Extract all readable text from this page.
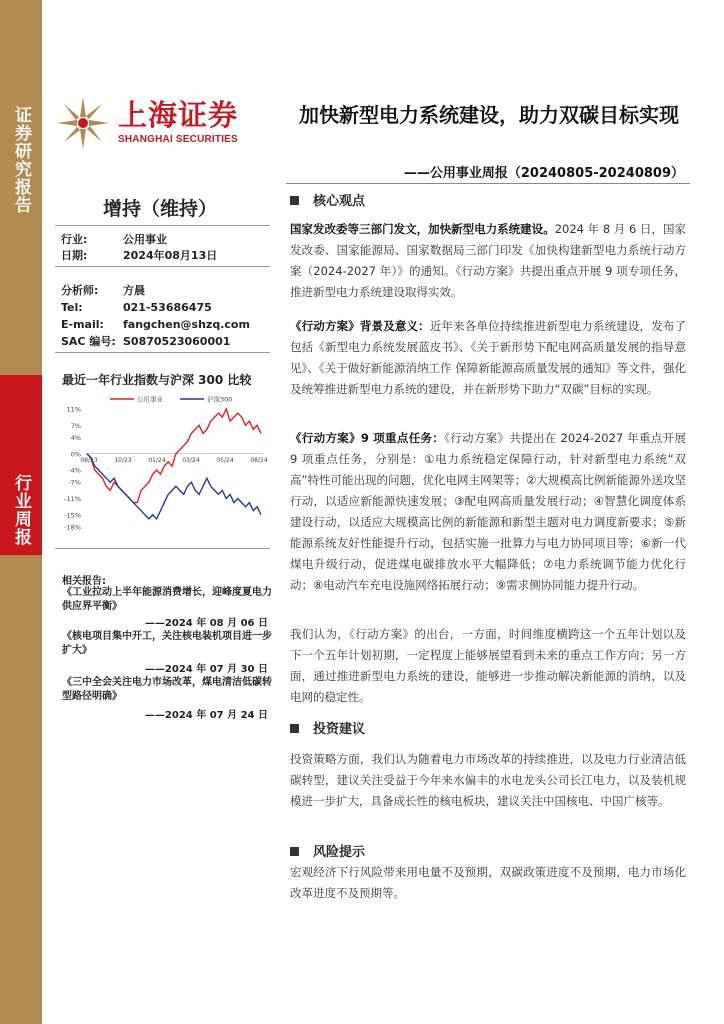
证券研究报告
行业周报
上海证券
SHANGHAI SECURITIES
加快新型电力系统建设，助力双碳目标实现
——公用事业周报（20240805-20240809）
增持（维持）
行业:	公用事业
日期:	2024年08月13日
分析师:	方晨
Tel:	021-53686475
E-mail:	fangchen@shzq.com
SAC 编号: S0870523060001
最近一年行业指数与沪深 300 比较
11%
7%
4%
0%
-4%
-7%
-11%
-15%
-18%
08/23	10/23	01/24	03/24	05/24	08/24
公用事业	沪深300
相关报告:
《工业拉动上半年能源消费增长，迎峰度夏电力供应界平衡》
——2024 年 08 月 06 日
《核电项目集中开工，关注核电装机项目进一步扩大》
——2024 年 07 月 30 日
《三中全会关注电力市场改革，煤电清洁低碳转型路径明确》
——2024 年 07 月 24 日
核心观点
国家发改委等三部门发文，加快新型电力系统建设。2024 年 8 月 6 日，国家发改委、国家能源局、国家数据局三部门印发《加快构建新型电力系统行动方案（2024-2027 年）》的通知。《行动方案》共提出重点开展 9 项专项任务，推进新型电力系统建设取得实效。
《行动方案》背景及意义：近年来各单位持续推进新型电力系统建设，发布了包括《新型电力系统发展蓝皮书》、《关于新形势下配电网高质量发展的指导意见》、《关于做好新能源消纳工作 保障新能源高质量发展的通知》等文件，强化及统筹推进新型电力系统的建设，并在新形势下助力“双碳”目标的实现。
《行动方案》9 项重点任务：《行动方案》共提出在 2024-2027 年重点开展 9 项重点任务，分别是：①电力系统稳定保障行动，针对新型电力系统“双高”特性可能出现的问题，优化电网主网架等；②大规模高比例新能源外送攻坚行动，以适应新能源快速发展；③配电网高质量发展行动；④智慧化调度体系建设行动，以适应大规模高比例的新能源和新型主题对电力调度新要求；⑤新能源系统友好性能提升行动，包括实施一批算力与电力协同项目等；⑥新一代煤电升级行动，促进煤电碳排放水平大幅降低；⑦电力系统调节能力优化行动；⑧电动汽车充电设施网络拓展行动；⑨需求侧协同能力提升行动。
我们认为，《行动方案》的出台，一方面，时间维度横跨这一个五年计划以及下一个五年计划初期，一定程度上能够展望看到未来的重点工作方向；另一方面，通过推进新型电力系统的建设，能够进一步推动解决新能源的消纳，以及电网的稳定性。
投资建议
投资策略方面，我们认为随着电力市场改革的持续推进，以及电力行业清洁低碳转型，建议关注受益于今年来水偏丰的水电龙头公司长江电力，以及装机规模进一步扩大，具备成长性的核电板块，建议关注中国核电、中国广核等。
风险提示
宏观经济下行风险带来用电量不及预期，双碳政策进度不及预期，电力市场化改革进度不及预期等。
